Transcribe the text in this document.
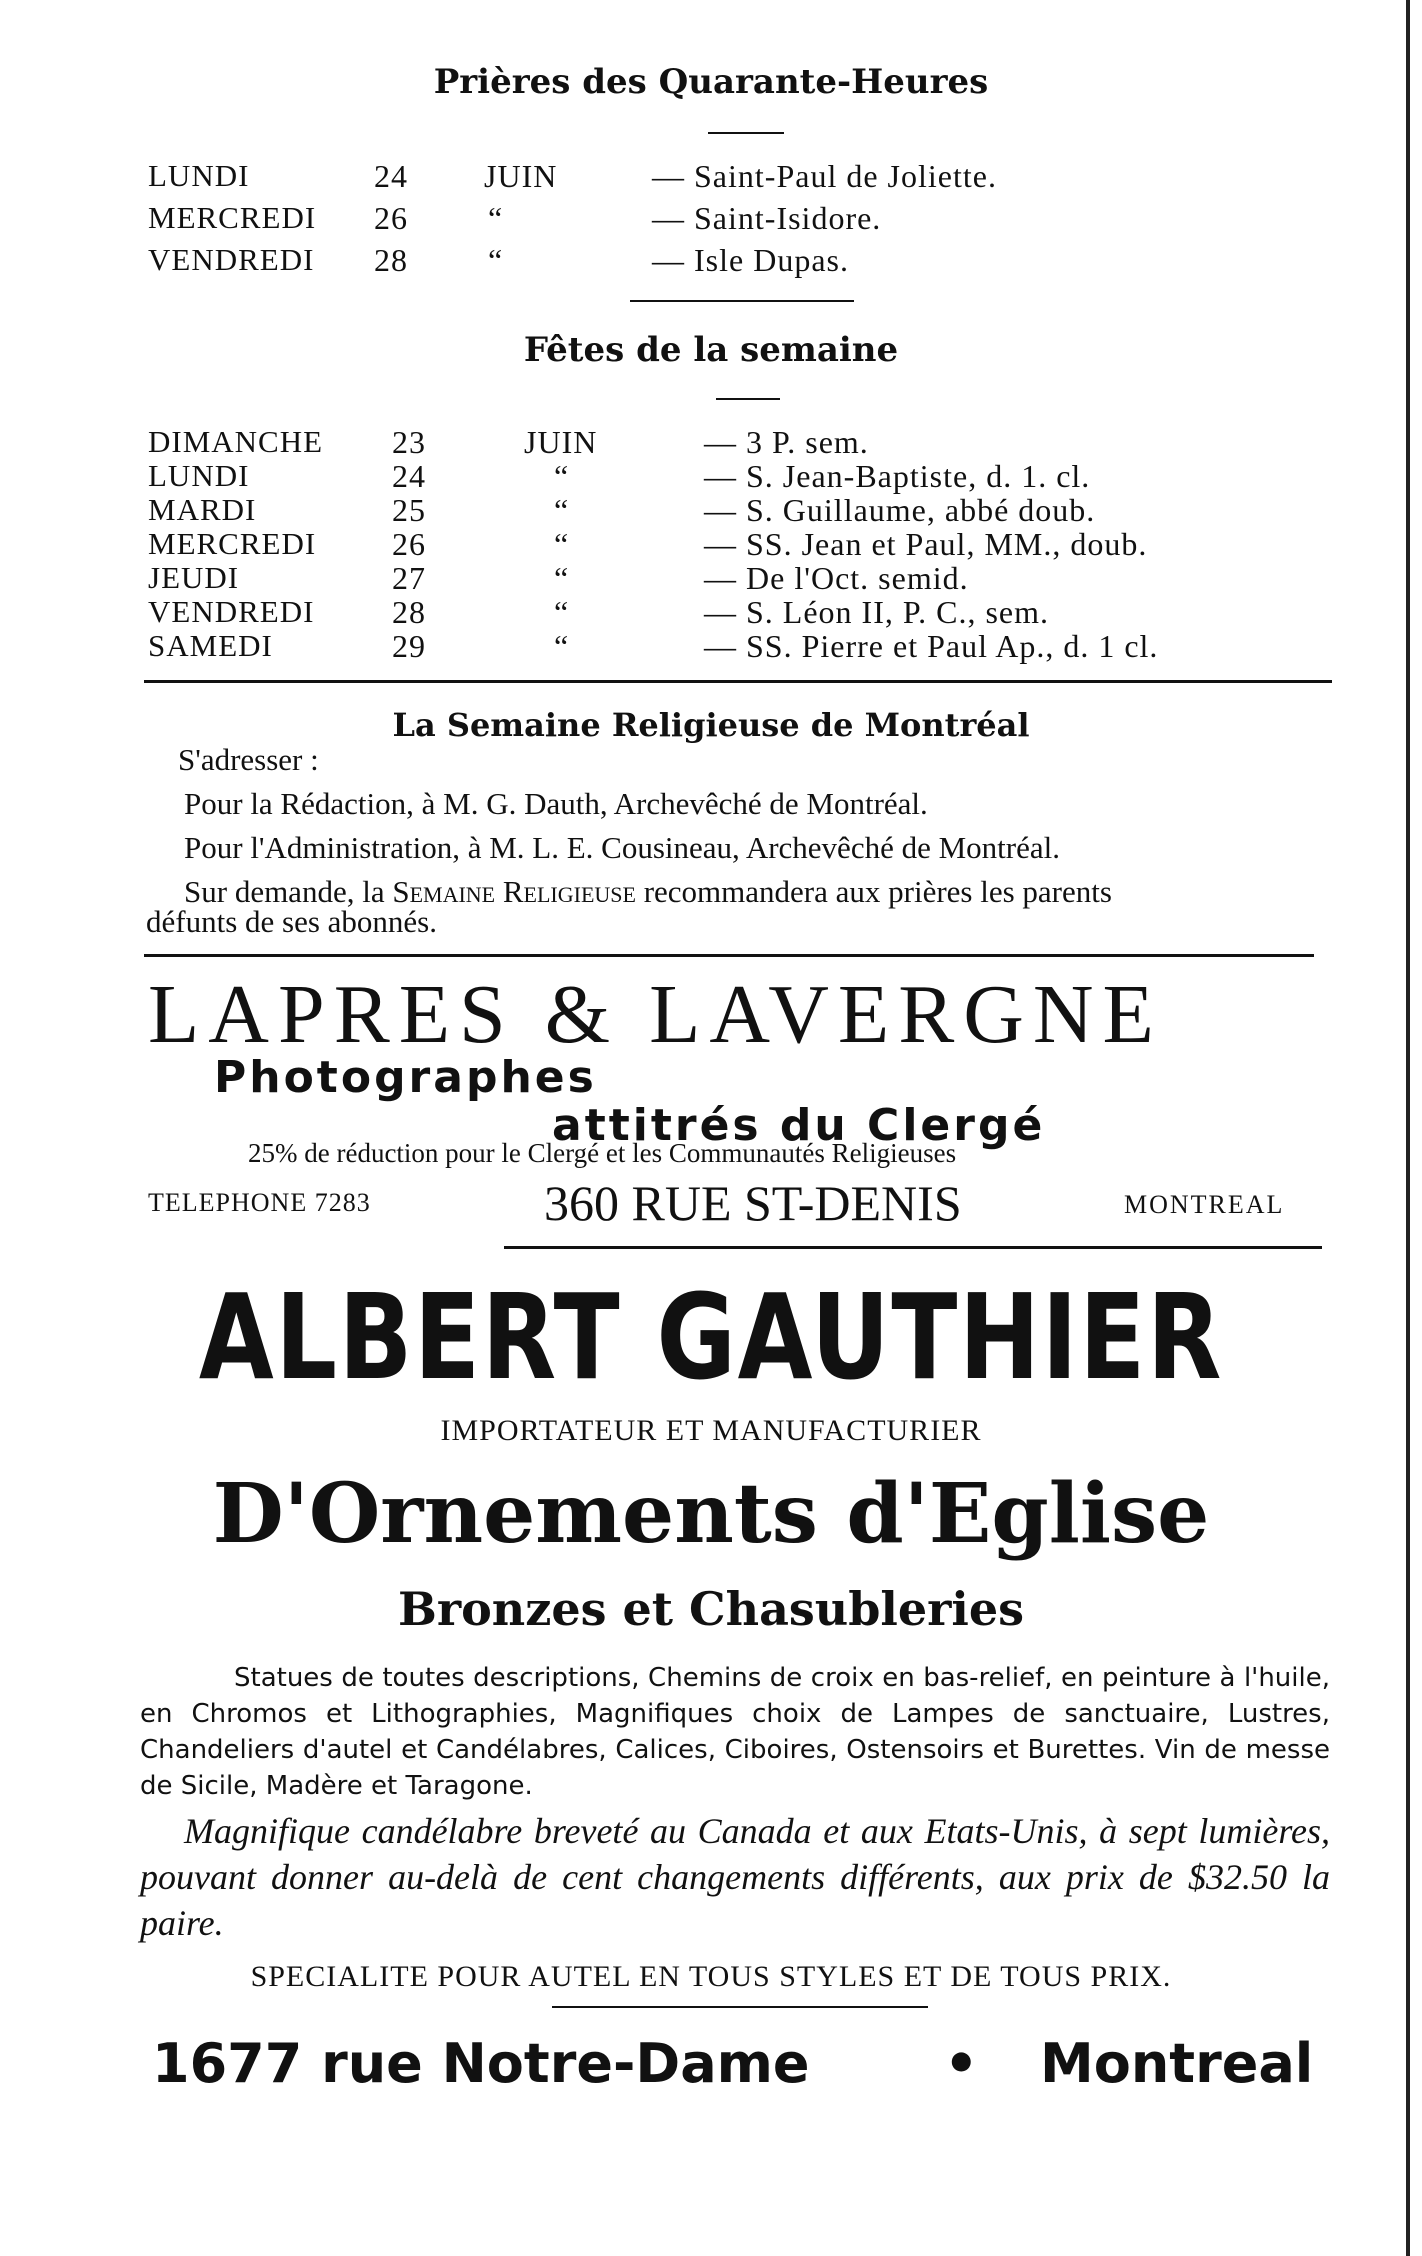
Prières des Quarante-Heures
LUNDI	24 JUIN	— Saint-Paul de Joliette.
MERCREDI 26	“	— Saint-Isidore.
VENDREDI 28	“	— Isle Dupas.
Fêtes de la semaine
DIMANCHE 23	JUIN	— 3 P. sem.
LUNDI	24	“	— S. Jean-Baptiste, d. 1. cl.
MARDI	25	“	— S. Guillaume, abbé doub.
MERCREDI 26	“	— SS. Jean et Paul, MM., doub.
JEUDI	27	“	— De l'Oct. semid.
VENDREDI 28	“	— S. Léon II, P. C., sem.
SAMEDI	29	“	— SS. Pierre et Paul Ap., d. 1 cl.
La Semaine Religieuse de Montréal
S'adresser :
Pour la Rédaction, à M. G. Dauth, Archevêché de Montréal.
Pour l'Administration, à M. L. E. Cousineau, Archevêché de Montréal.
Sur demande, la Semaine Religieuse recommandera aux prières les parents
défunts de ses abonnés.
LAPRES & LAVERGNE
Photographes
attitrés du Clergé
25% de réduction pour le Clergé et les Communautés Religieuses
TELEPHONE 7283	360 RUE ST-DENIS	MONTREAL
ALBERT GAUTHIER
IMPORTATEUR ET MANUFACTURIER
D'Ornements d'Eglise
Bronzes et Chasubleries
Statues de toutes descriptions, Chemins de croix en bas-relief, en peinture à l'huile, en Chromos et Lithographies, Magnifiques choix de Lampes de sanctuaire, Lustres, Chandeliers d'autel et Candélabres, Calices, Ciboires, Ostensoirs et Burettes. Vin de messe de Sicile, Madère et Taragone.
Magnifique candélabre breveté au Canada et aux Etats-Unis, à sept lumières, pouvant donner au-delà de cent changements différents, aux prix de $32.50 la paire.
SPECIALITE POUR AUTEL EN TOUS STYLES ET DE TOUS PRIX.
1677 rue Notre-Dame • Montreal
